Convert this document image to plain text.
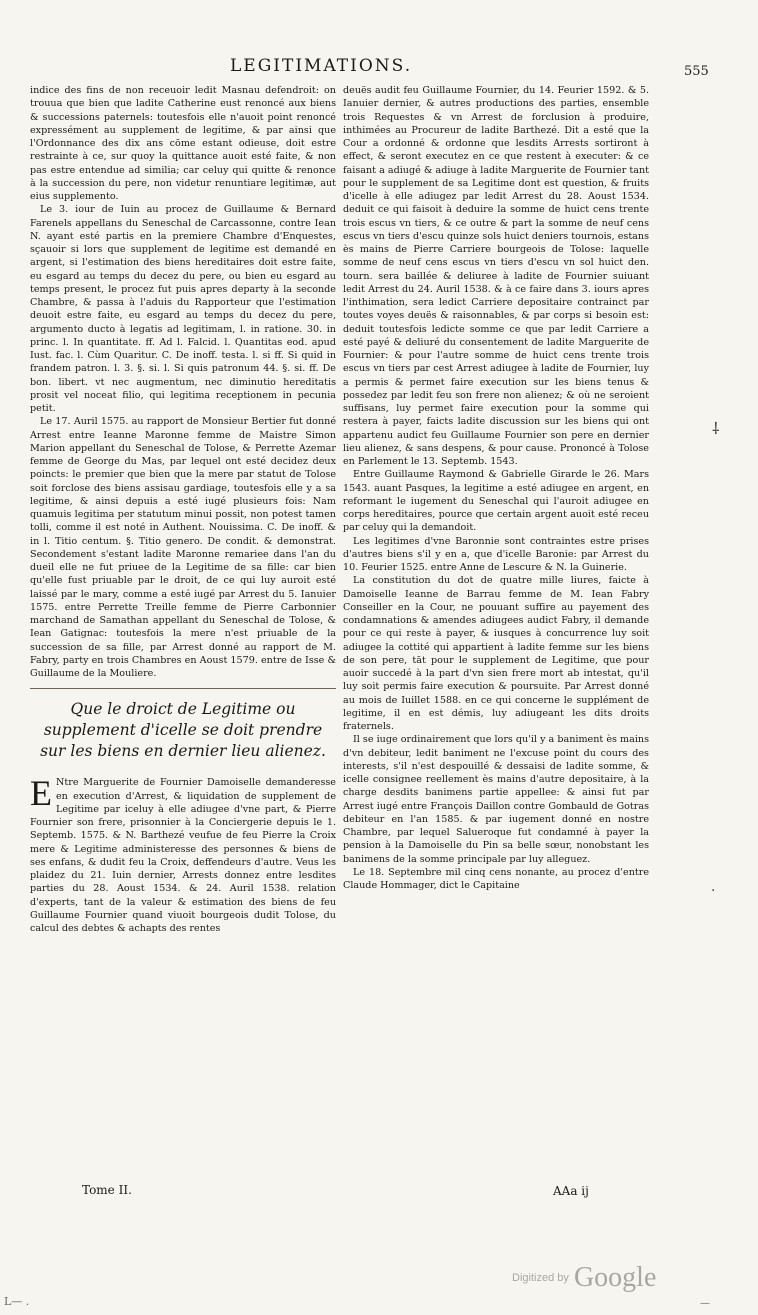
LEGITIMATIONS.	555

indice des fins de non receuoir ledit Masnau defendroit: on trouua que bien que ladite Catherine eust renoncé aux biens & successions paternels: toutesfois elle n'auoit point renoncé expressément au supplement de legitime, & par ainsi que l'Ordonnance des dix ans cōme estant odieuse, doit estre restrainte à ce, sur quoy la quittance auoit esté faite, & non pas estre entendue ad similia; car celuy qui quitte & renonce à la succession du pere, non videtur renuntiare legitimæ, aut eius supplemento.

Le 3. iour de Iuin au procez de Guillaume & Bernard Farenels appellans du Seneschal de Carcassonne, contre Iean N. ayant esté partis en la premiere Chambre d'Enquestes, sçauoir si lors que supplement de legitime est demandé en argent, si l'estimation des biens hereditaires doit estre faite, eu esgard au temps du decez du pere, ou bien eu esgard au temps present, le procez fut puis apres departy à la seconde Chambre, & passa à l'aduis du Rapporteur que l'estimation deuoit estre faite, eu esgard au temps du decez du pere, argumento ducto à legatis ad legitimam, l. in ratione. 30. in princ. l. In quantitate. ff. Ad l. Falcid. l. Quantitas eod. apud Iust. fac. l. Cùm Quaritur. C. De inoff. testa. l. si ff. Si quid in frandem patron. l. 3. §. si. l. Si quis patronum 44. §. si. ff. De bon. libert. vt nec augmentum, nec diminutio hereditatis prosit vel noceat filio, qui legitima receptionem in pecunia petit.

Le 17. Auril 1575. au rapport de Monsieur Bertier fut donné Arrest entre Ieanne Maronne femme de Maistre Simon Marion appellant du Seneschal de Tolose, & Perrette Azemar femme de George du Mas, par lequel ont esté decidez deux poincts: le premier que bien que la mere par statut de Tolose soit forclose des biens assisau gardiage, toutesfois elle y a sa legitime, & ainsi depuis a esté iugé plusieurs fois: Nam quamuis legitima per statutum minui possit, non potest tamen tolli, comme il est noté in Authent. Nouissima. C. De inoff. & in l. Titio centum. §. Titio genero. De condit. & demonstrat. Secondement s'estant ladite Maronne remariee dans l'an du dueil elle ne fut priuee de la Legitime de sa fille: car bien qu'elle fust priuable par le droit, de ce qui luy auroit esté laissé par le mary, comme a esté iugé par Arrest du 5. Ianuier 1575. entre Perrette Treille femme de Pierre Carbonnier marchand de Samathan appellant du Seneschal de Tolose, & Iean Gatignac: toutesfois la mere n'est priuable de la succession de sa fille, par Arrest donné au rapport de M. Fabry, party en trois Chambres en Aoust 1579. entre de Isse & Guillaume de la Mouliere.

Que le droict de Legitime ou supplement d'icelle se doit prendre sur les biens en dernier lieu alienez.

E Ntre Marguerite de Fournier Damoiselle demanderesse en execution d'Arrest, & liquidation de supplement de Legitime par iceluy à elle adiugee d'vne part, & Pierre Fournier son frere, prisonnier à la Conciergerie depuis le 1. Septemb. 1575. & N. Barthezé veufue de feu Pierre la Croix mere & Legitime administeresse des personnes & biens de ses enfans, & dudit feu la Croix, deffendeurs d'autre. Veus les plaidez du 21. Iuin dernier, Arrests donnez entre lesdites parties du 28. Aoust 1534. & 24. Auril 1538. relation d'experts, tant de la valeur & estimation des biens de feu Guillaume Fournier quand viuoit bourgeois dudit Tolose, du calcul des debtes & achapts des rentes

deuës audit feu Guillaume Fournier, du 14. Feurier 1592. & 5. Ianuier dernier, & autres productions des parties, ensemble trois Requestes & vn Arrest de forclusion à produire, inthimées au Procureur de ladite Barthezé. Dit a esté que la Cour a ordonné & ordonne que lesdits Arrests sortiront à effect, & seront executez en ce que restent à executer: & ce faisant a adiugé & adiuge à ladite Marguerite de Fournier tant pour le supplement de sa Legitime dont est question, & fruits d'icelle à elle adiugez par ledit Arrest du 28. Aoust 1534. deduit ce qui faisoit à deduire la somme de huict cens trente trois escus vn tiers, & ce outre & part la somme de neuf cens escus vn tiers d'escu quinze sols huict deniers tournois, estans ès mains de Pierre Carriere bourgeois de Tolose: laquelle somme de neuf cens escus vn tiers d'escu vn sol huict den. tourn. sera baillée & deliuree à ladite de Fournier suiuant ledit Arrest du 24. Auril 1538. & à ce faire dans 3. iours apres l'inthimation, sera ledict Carriere depositaire contrainct par toutes voyes deuës & raisonnables, & par corps si besoin est: deduit toutesfois ledicte somme ce que par ledit Carriere a esté payé & deliuré du consentement de ladite Marguerite de Fournier: & pour l'autre somme de huict cens trente trois escus vn tiers par cest Arrest adiugee à ladite de Fournier, luy a permis & permet faire execution sur les biens tenus & possedez par ledit feu son frere non alienez; & où ne seroient suffisans, luy permet faire execution pour la somme qui restera à payer, faicts ladite discussion sur les biens qui ont appartenu audict feu Guillaume Fournier son pere en dernier lieu alienez, & sans despens, & pour cause. Prononcé à Tolose en Parlement le 13. Septemb. 1543.

Entre Guillaume Raymond & Gabrielle Girarde le 26. Mars 1543. auant Pasques, la legitime a esté adiugee en argent, en reformant le iugement du Seneschal qui l'auroit adiugee en corps hereditaires, pource que certain argent auoit esté receu par celuy qui la demandoit.

Les legitimes d'vne Baronnie sont contraintes estre prises d'autres biens s'il y en a, que d'icelle Baronie: par Arrest du 10. Feurier 1525. entre Anne de Lescure & N. la Guinerie.

La constitution du dot de quatre mille liures, faicte à Damoiselle Ieanne de Barrau femme de M. Iean Fabry Conseiller en la Cour, ne pouuant suffire au payement des condamnations & amendes adiugees audict Fabry, il demande pour ce qui reste à payer, & iusques à concurrence luy soit adiugee la cottité qui appartient à ladite femme sur les biens de son pere, tāt pour le supplement de Legitime, que pour auoir succedé à la part d'vn sien frere mort ab intestat, qu'il luy soit permis faire execution & poursuite. Par Arrest donné au mois de Iuillet 1588. en ce qui concerne le supplément de legitime, il en est démis, luy adiugeant les dits droits fraternels.

Il se iuge ordinairement que lors qu'il y a baniment ès mains d'vn debiteur, ledit baniment ne l'excuse point du cours des interests, s'il n'est despouillé & dessaisi de ladite somme, & icelle consignee reellement ès mains d'autre depositaire, à la charge desdits banimens partie appellee: & ainsi fut par Arrest iugé entre François Daillon contre Gombauld de Gotras debiteur en l'an 1585. & par iugement donné en nostre Chambre, par lequel Salueroque fut condamné à payer la pension à la Damoiselle du Pin sa belle sœur, nonobstant les banimens de la somme principale par luy alleguez.

Le 18. Septembre mil cinq cens nonante, au procez d'entre Claude Hommager, dict le Capitaine

⸸
·
Tome II.	AAa ij
Digitized by Google
L— .	—
